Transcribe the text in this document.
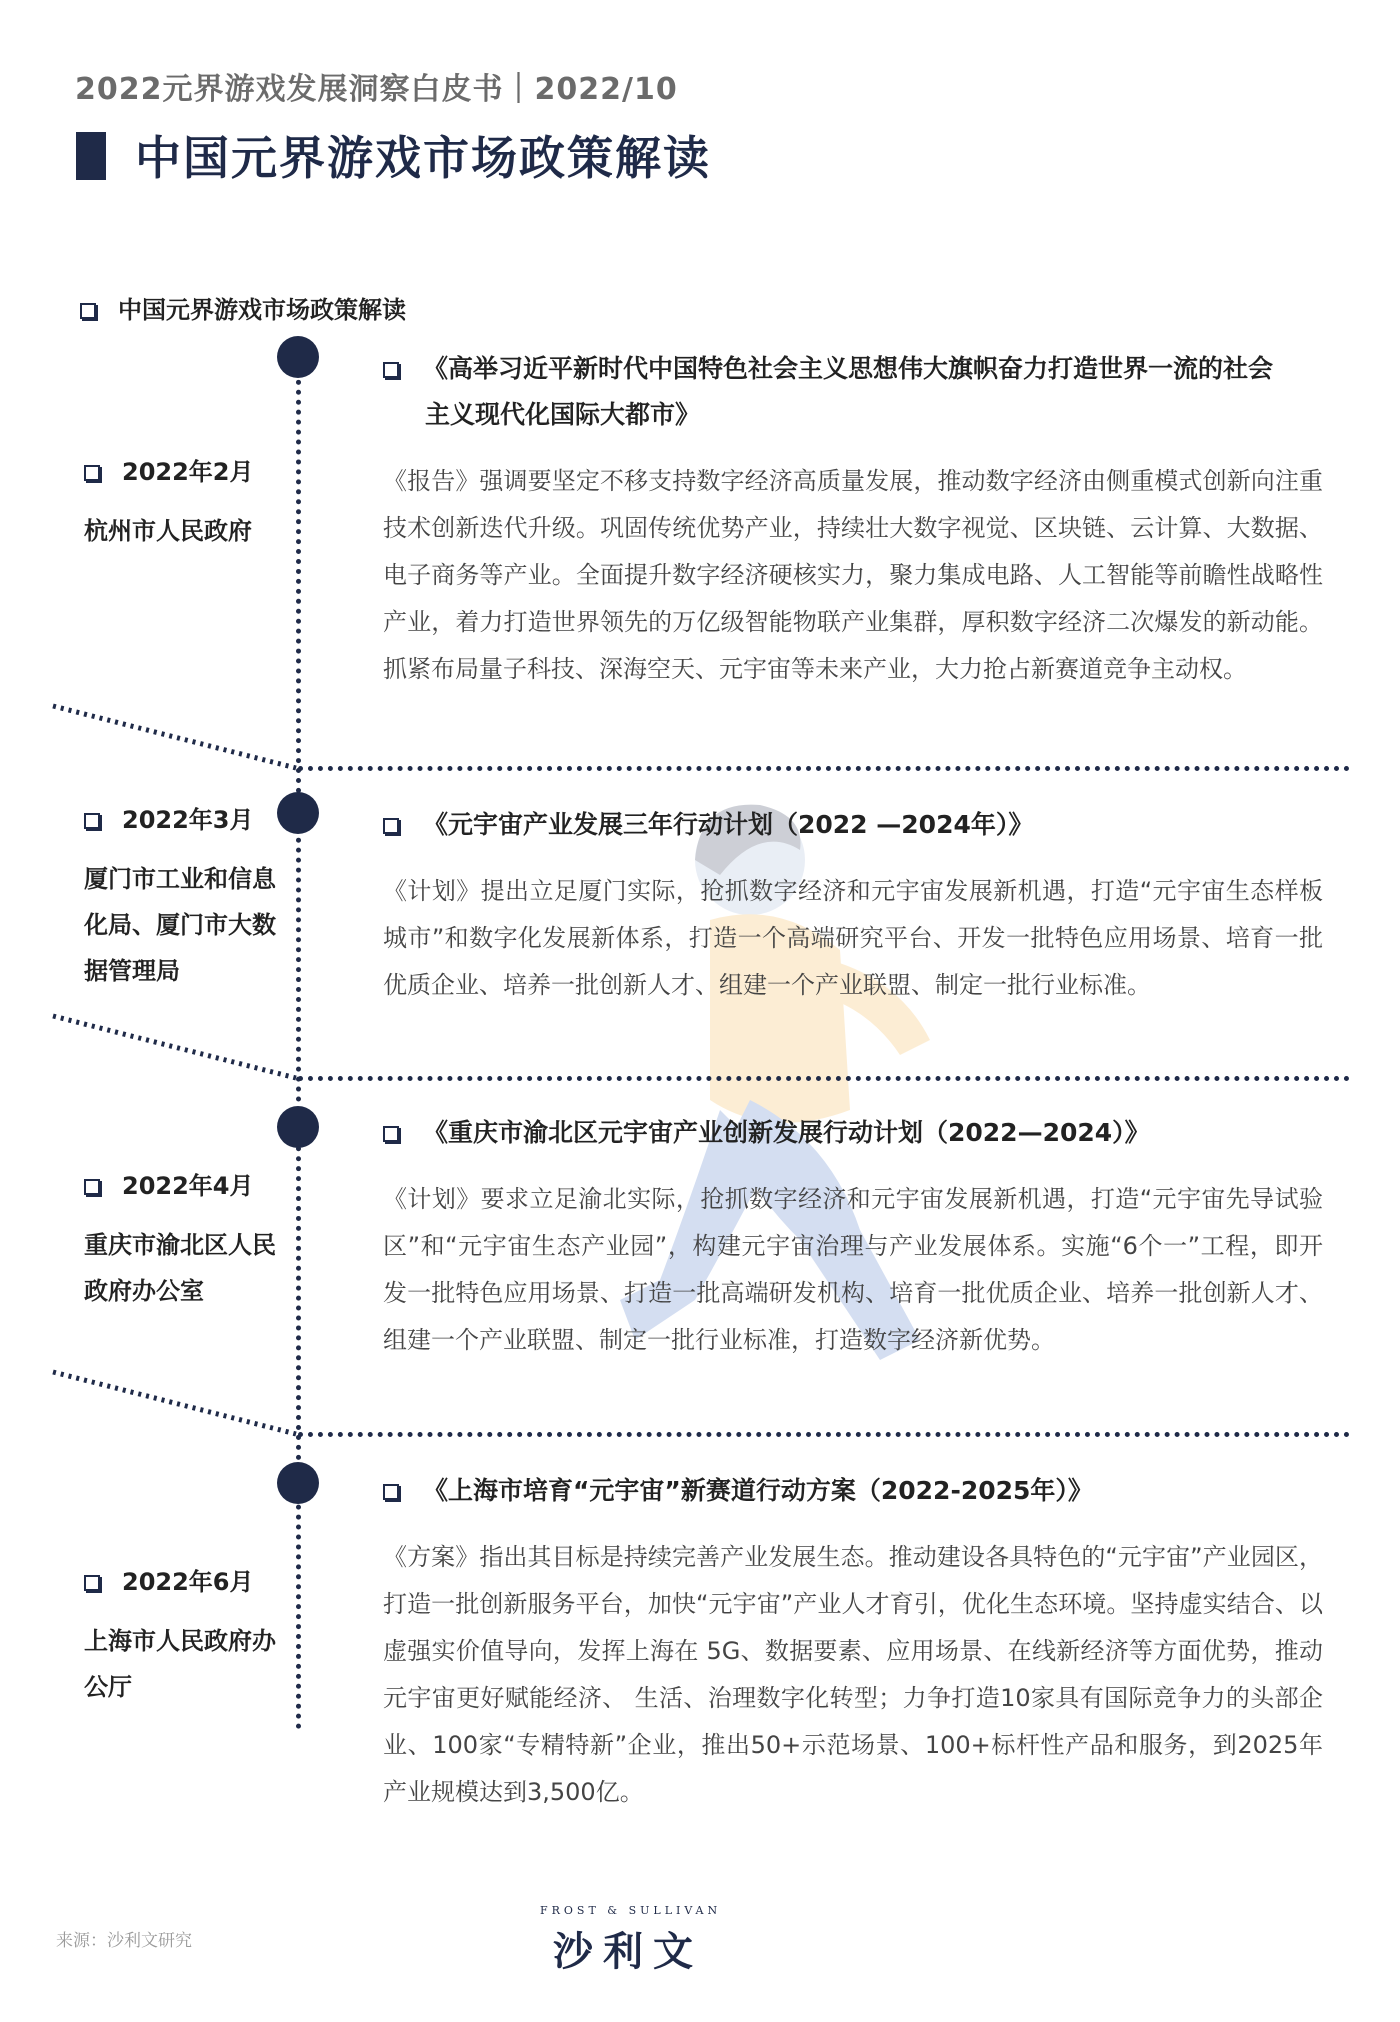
2022元界游戏发展洞察白皮书｜2022/10
中国元界游戏市场政策解读
中国元界游戏市场政策解读
2022年2月
杭州市人民政府
《高举习近平新时代中国特色社会主义思想伟大旗帜奋力打造世界一流的社会
主义现代化国际大都市》
《报告》强调要坚定不移支持数字经济高质量发展，推动数字经济由侧重模式创新向注重技术创新迭代升级。巩固传统优势产业，持续壮大数字视觉、区块链、云计算、大数据、电子商务等产业。全面提升数字经济硬核实力，聚力集成电路、人工智能等前瞻性战略性产业，着力打造世界领先的万亿级智能物联产业集群，厚积数字经济二次爆发的新动能。抓紧布局量子科技、深海空天、元宇宙等未来产业，大力抢占新赛道竞争主动权。
2022年3月
厦门市工业和信息化局、厦门市大数据管理局
《元宇宙产业发展三年行动计划（2022 —2024年）》
《计划》提出立足厦门实际，抢抓数字经济和元宇宙发展新机遇，打造“元宇宙生态样板城市”和数字化发展新体系，打造一个高端研究平台、开发一批特色应用场景、培育一批优质企业、培养一批创新人才、组建一个产业联盟、制定一批行业标准。
2022年4月
重庆市渝北区人民政府办公室
《重庆市渝北区元宇宙产业创新发展行动计划（2022—2024）》
《计划》要求立足渝北实际，抢抓数字经济和元宇宙发展新机遇，打造“元宇宙先导试验区”和“元宇宙生态产业园”，构建元宇宙治理与产业发展体系。实施“6个一”工程，即开发一批特色应用场景、打造一批高端研发机构、培育一批优质企业、培养一批创新人才、组建一个产业联盟、制定一批行业标准，打造数字经济新优势。
2022年6月
上海市人民政府办公厅
《上海市培育“元宇宙”新赛道行动方案（2022-2025年）》
《方案》指出其目标是持续完善产业发展生态。推动建设各具特色的“元宇宙”产业园区，打造一批创新服务平台，加快“元宇宙”产业人才育引，优化生态环境。坚持虚实结合、以虚强实价值导向，发挥上海在 5G、数据要素、应用场景、在线新经济等方面优势，推动元宇宙更好赋能经济、 生活、治理数字化转型；力争打造10家具有国际竞争力的头部企业、100家“专精特新”企业，推出50+示范场景、100+标杆性产品和服务，到2025年产业规模达到3,500亿。
来源：沙利文研究
FROST & SULLIVAN
沙利文
